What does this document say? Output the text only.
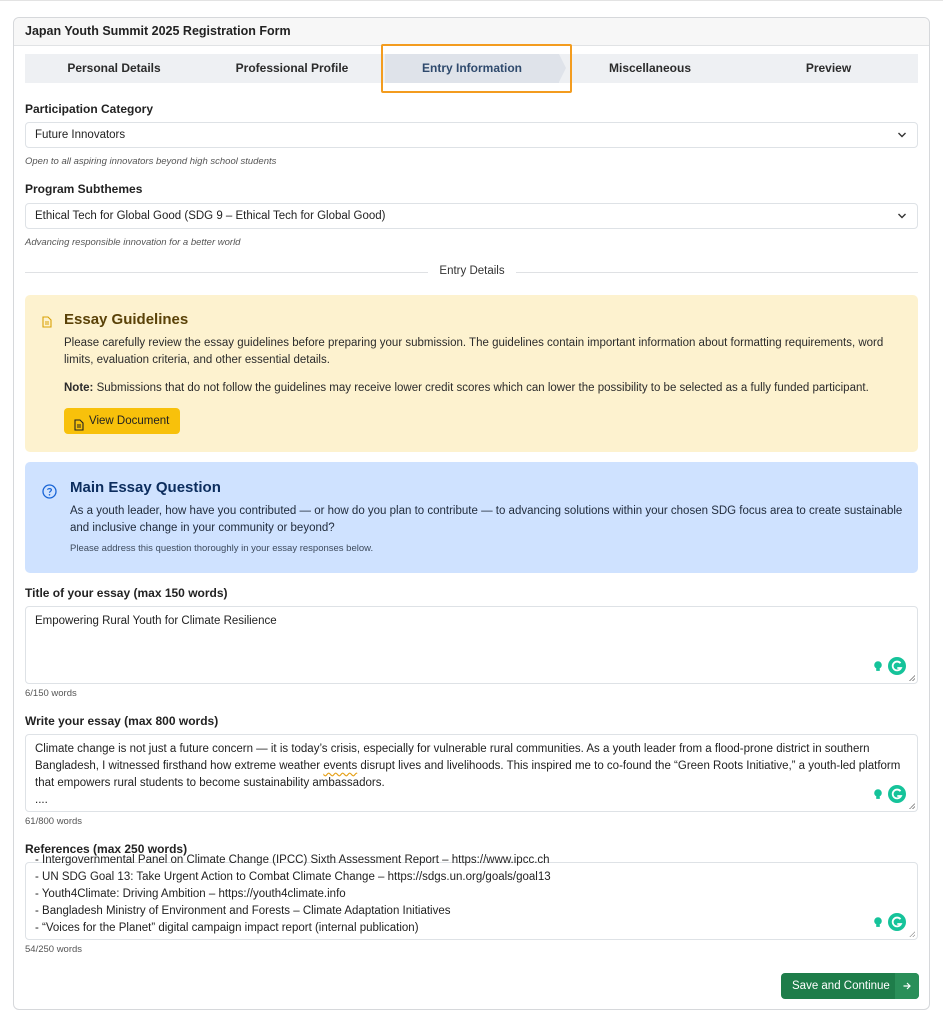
Japan Youth Summit 2025 Registration Form
Personal Details	Professional Profile	Entry Information	Miscellaneous	Preview
Participation Category
Future Innovators
Open to all aspiring innovators beyond high school students
Program Subthemes
Ethical Tech for Global Good (SDG 9 – Ethical Tech for Global Good)
Advancing responsible innovation for a better world
Entry Details
Essay Guidelines
Please carefully review the essay guidelines before preparing your submission. The guidelines contain important information about formatting requirements, word limits, evaluation criteria, and other essential details.
Note: Submissions that do not follow the guidelines may receive lower credit scores which can lower the possibility to be selected as a fully funded participant.
View Document
Main Essay Question
As a youth leader, how have you contributed — or how do you plan to contribute — to advancing solutions within your chosen SDG focus area to create sustainable and inclusive change in your community or beyond?
Please address this question thoroughly in your essay responses below.
Title of your essay (max 150 words)
Empowering Rural Youth for Climate Resilience
6/150 words
Write your essay (max 800 words)
Climate change is not just a future concern — it is today’s crisis, especially for vulnerable rural communities. As a youth leader from a flood-prone district in southern Bangladesh, I witnessed firsthand how extreme weather events disrupt lives and livelihoods. This inspired me to co-found the “Green Roots Initiative,” a youth-led platform that empowers rural students to become sustainability ambassadors.
....
61/800 words
References (max 250 words)
- Intergovernmental Panel on Climate Change (IPCC) Sixth Assessment Report – https://www.ipcc.ch
- UN SDG Goal 13: Take Urgent Action to Combat Climate Change – https://sdgs.un.org/goals/goal13
- Youth4Climate: Driving Ambition – https://youth4climate.info
- Bangladesh Ministry of Environment and Forests – Climate Adaptation Initiatives
- “Voices for the Planet” digital campaign impact report (internal publication)
54/250 words
Save and Continue
